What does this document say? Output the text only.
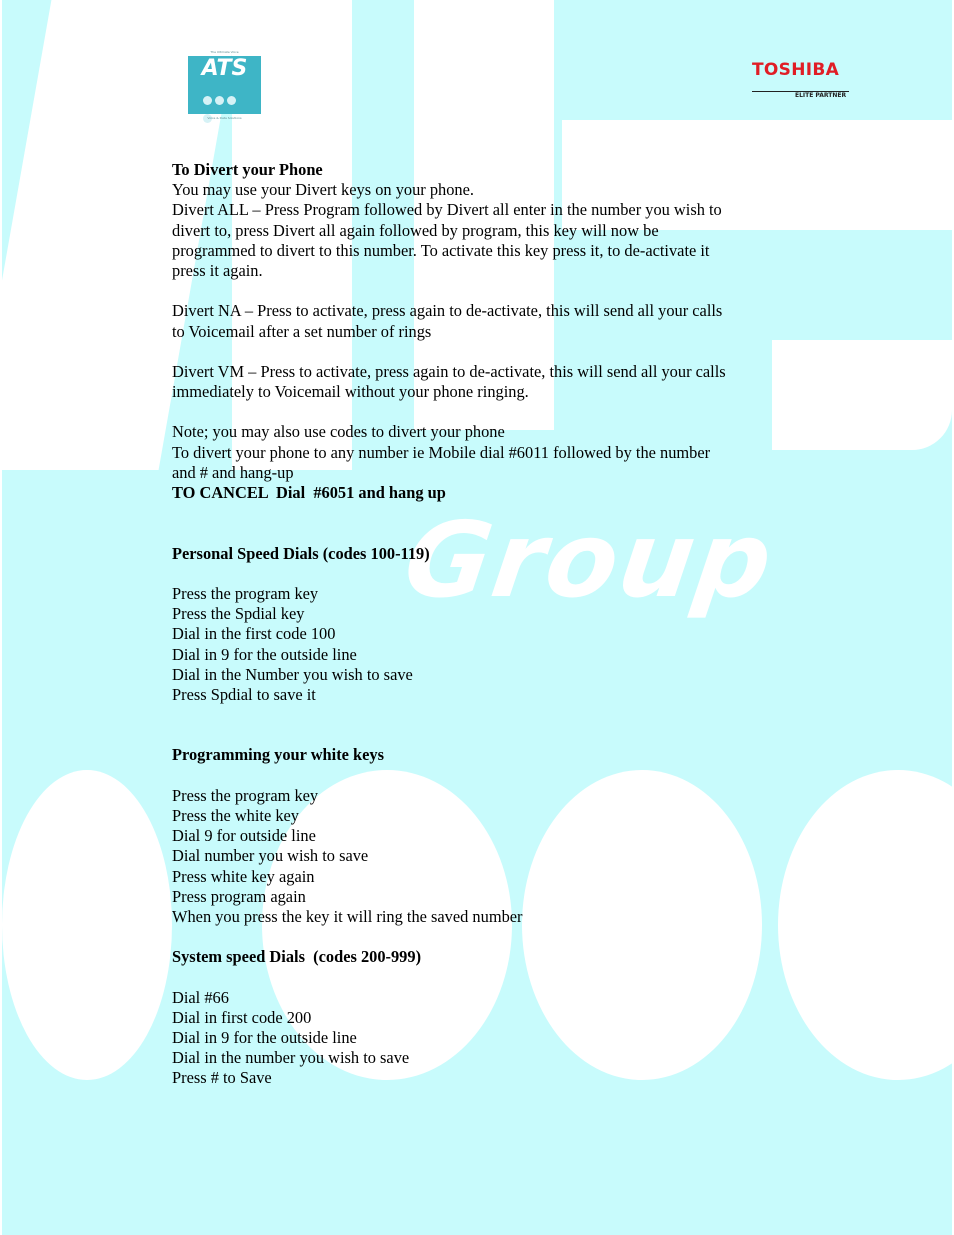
Group
The Ultimate Voice
ATS
Voice & Data Solutions
TOSHIBA
ELITE PARTNER
To Divert your Phone
You may use your Divert keys on your phone.
Divert ALL – Press Program followed by Divert all enter in the number you wish to
divert to, press Divert all again followed by program, this key will now be
programmed to divert to this number. To activate this key press it, to de-activate it
press it again.
Divert NA – Press to activate, press again to de-activate, this will send all your calls
to Voicemail after a set number of rings
Divert VM – Press to activate, press again to de-activate, this will send all your calls
immediately to Voicemail without your phone ringing.
Note; you may also use codes to divert your phone
To divert your phone to any number ie Mobile dial #6011 followed by the number
and # and hang-up
TO CANCEL  Dial  #6051 and hang up
Personal Speed Dials (codes 100-119)
Press the program key
Press the Spdial key
Dial in the first code 100
Dial in 9 for the outside line
Dial in the Number you wish to save
Press Spdial to save it
Programming your white keys
Press the program key
Press the white key
Dial 9 for outside line
Dial number you wish to save
Press white key again
Press program again
When you press the key it will ring the saved number
System speed Dials  (codes 200-999)
Dial #66
Dial in first code 200
Dial in 9 for the outside line
Dial in the number you wish to save
Press # to Save
